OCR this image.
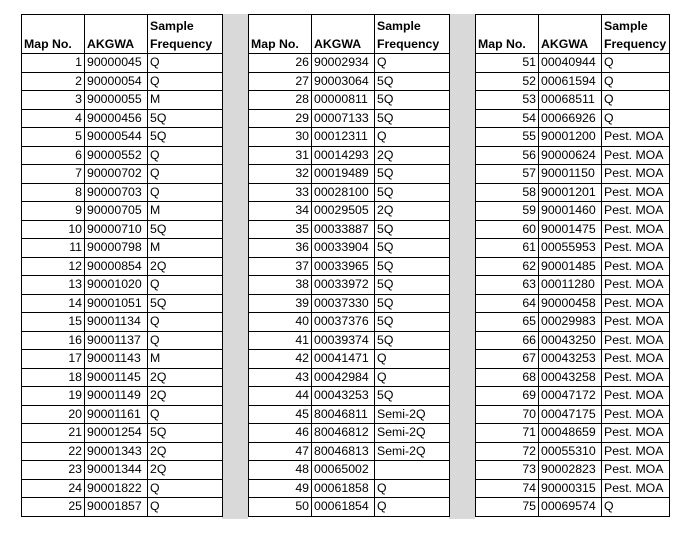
Map No.	AKGWA	Sample
Frequency
1	90000045	Q
2	90000054	Q
3	90000055	M
4	90000456	5Q
5	90000544	5Q
6	90000552	Q
7	90000702	Q
8	90000703	Q
9	90000705	M
10	90000710	5Q
11	90000798	M
12	90000854	2Q
13	90001020	Q
14	90001051	5Q
15	90001134	Q
16	90001137	Q
17	90001143	M
18	90001145	2Q
19	90001149	2Q
20	90001161	Q
21	90001254	5Q
22	90001343	2Q
23	90001344	2Q
24	90001822	Q
25	90001857	Q
Map No.	AKGWA	Sample
Frequency
26	90002934	Q
27	90003064	5Q
28	00000811	5Q
29	00007133	5Q
30	00012311	Q
31	00014293	2Q
32	00019489	5Q
33	00028100	5Q
34	00029505	2Q
35	00033887	5Q
36	00033904	5Q
37	00033965	5Q
38	00033972	5Q
39	00037330	5Q
40	00037376	5Q
41	00039374	5Q
42	00041471	Q
43	00042984	Q
44	00043253	5Q
45	80046811	Semi-2Q
46	80046812	Semi-2Q
47	80046813	Semi-2Q
48	00065002	
49	00061858	Q
50	00061854	Q
Map No.	AKGWA	Sample
Frequency
51	00040944	Q
52	00061594	Q
53	00068511	Q
54	00066926	Q
55	90001200	Pest. MOA
56	90000624	Pest. MOA
57	90001150	Pest. MOA
58	90001201	Pest. MOA
59	90001460	Pest. MOA
60	90001475	Pest. MOA
61	00055953	Pest. MOA
62	90001485	Pest. MOA
63	00011280	Pest. MOA
64	90000458	Pest. MOA
65	00029983	Pest. MOA
66	00043250	Pest. MOA
67	00043253	Pest. MOA
68	00043258	Pest. MOA
69	00047172	Pest. MOA
70	00047175	Pest. MOA
71	00048659	Pest. MOA
72	00055310	Pest. MOA
73	90002823	Pest. MOA
74	90000315	Pest. MOA
75	00069574	Q
